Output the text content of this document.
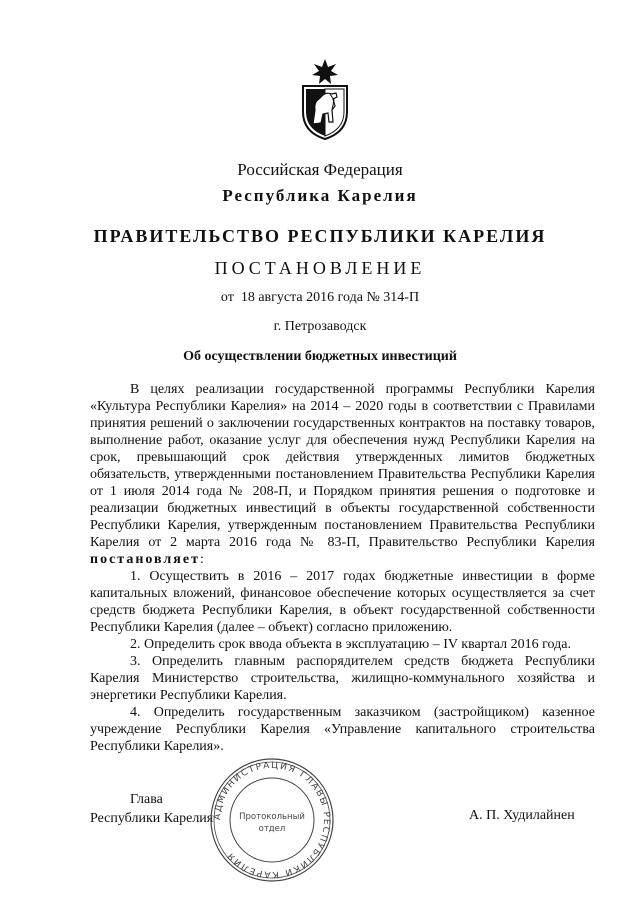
Российская Федерация
Республика Карелия
ПРАВИТЕЛЬСТВО РЕСПУБЛИКИ КАРЕЛИЯ
ПОСТАНОВЛЕНИЕ
от  18 августа 2016 года № 314-П
г. Петрозаводск
Об осуществлении бюджетных инвестиций

В целях реализации государственной программы Республики Карелия «Культура Республики Карелия» на 2014 – 2020 годы в соответствии с Правилами принятия решений о заключении государственных контрактов на поставку товаров, выполнение работ, оказание услуг для обеспечения нужд Республики Карелия на срок, превышающий срок действия утвержденных лимитов бюджетных обязательств, утвержденными постановлением Правительства Республики Карелия от 1 июля 2014 года № 208-П, и Порядком принятия решения о подготовке и реализации бюджетных инвестиций в объекты государственной собственности Республики Карелия, утвержденным постановлением Правительства Республики Карелия от 2 марта 2016 года № 83-П, Правительство Республики Карелия постановляет:

1. Осуществить в 2016 – 2017 годах бюджетные инвестиции в форме капитальных вложений, финансовое обеспечение которых осуществляется за счет средств бюджета Республики Карелия, в объект государственной собственности Республики Карелия (далее – объект) согласно приложению.

2. Определить срок ввода объекта в эксплуатацию – IV квартал 2016 года.

3. Определить главным распорядителем средств бюджета Республики Карелия Министерство строительства, жилищно-коммунального хозяйства и энергетики Республики Карелия.

4. Определить государственным заказчиком (застройщиком) казенное учреждение Республики Карелия «Управление капитального строительства Республики Карелия».

Глава
Республики Карелия АДМИНИСТРАЦИЯ ГЛАВЫ РЕСПУБЛИКИ КАРЕЛИЯ
Протокольный
отдел
А. П. Худилайнен
